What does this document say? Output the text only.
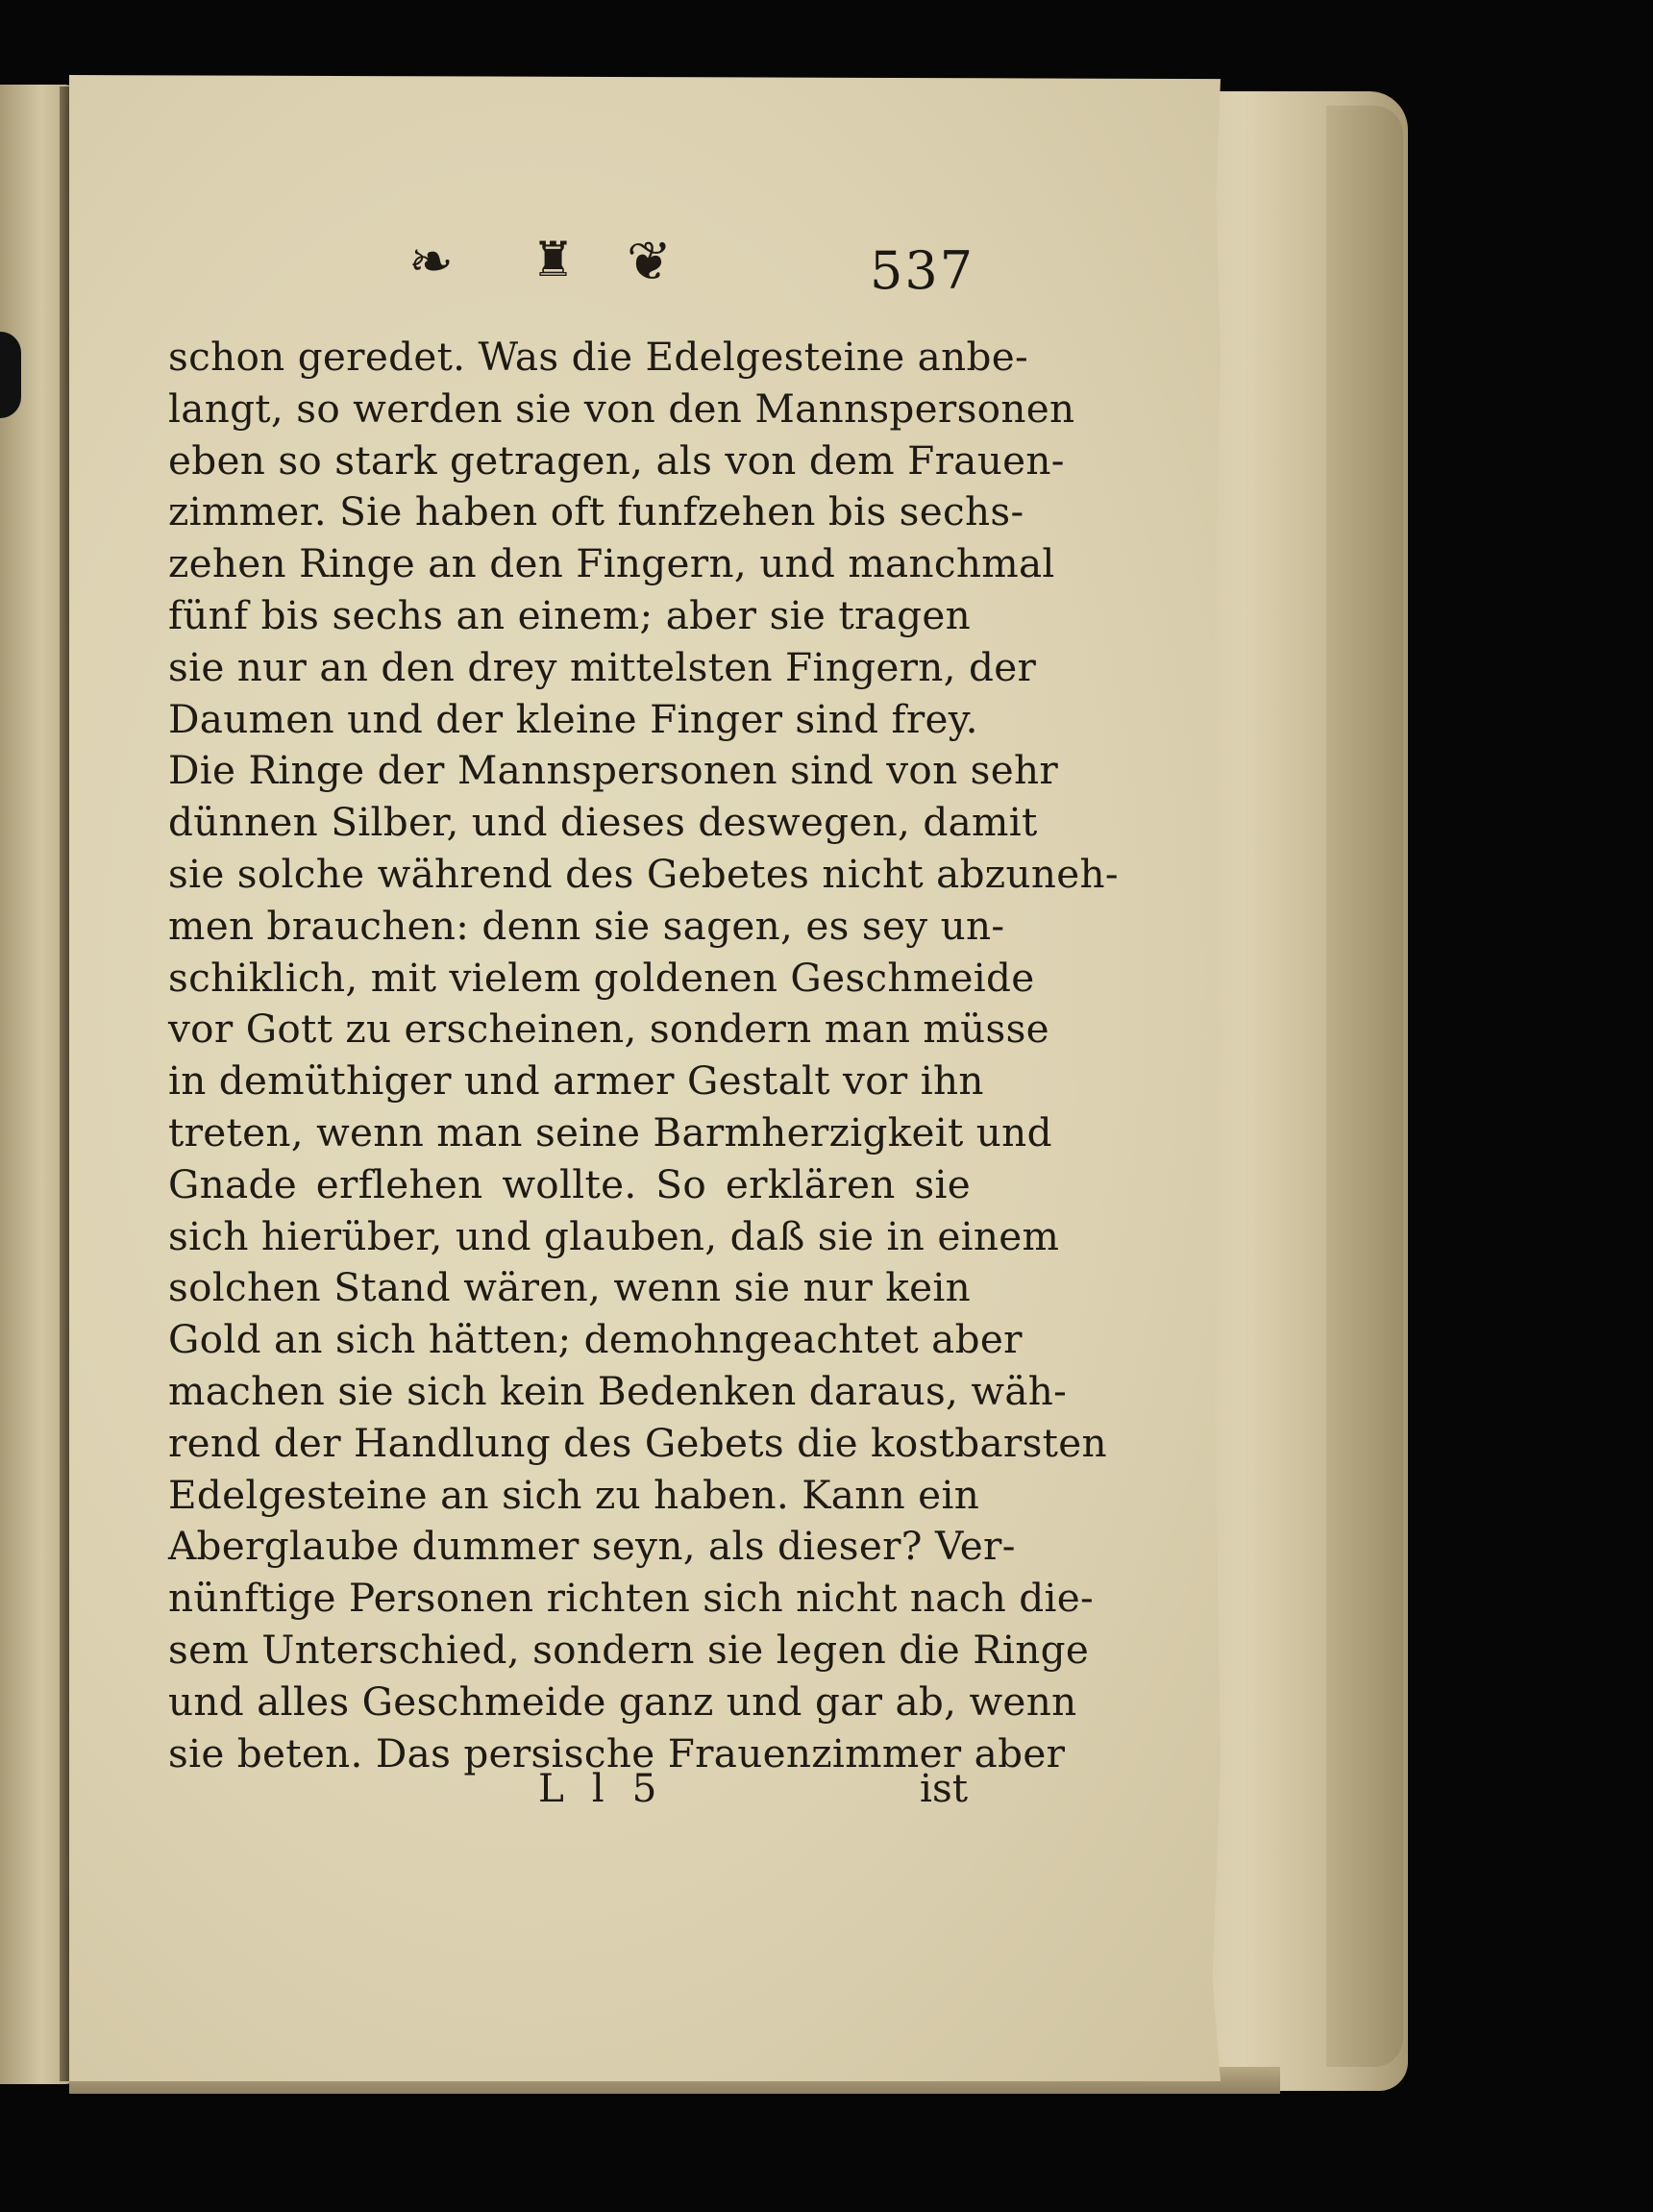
❧ ♜ ❦	537
schon geredet. Was die Edelgesteine anbe-
langt, so werden sie von den Mannspersonen
eben so stark getragen, als von dem Frauen-
zimmer. Sie haben oft funfzehen bis sechs-
zehen Ringe an den Fingern, und manchmal
fünf bis sechs an einem; aber sie tragen
sie nur an den drey mittelsten Fingern, der
Daumen und der kleine Finger sind frey.
Die Ringe der Mannspersonen sind von sehr
dünnen Silber, und dieses deswegen, damit
sie solche während des Gebetes nicht abzuneh-
men brauchen: denn sie sagen, es sey un-
schiklich, mit vielem goldenen Geschmeide
vor Gott zu erscheinen, sondern man müsse
in demüthiger und armer Gestalt vor ihn
treten, wenn man seine Barmherzigkeit und
Gnade erflehen wollte. So erklären sie
sich hierüber, und glauben, daß sie in einem
solchen Stand wären, wenn sie nur kein
Gold an sich hätten; demohngeachtet aber
machen sie sich kein Bedenken daraus, wäh-
rend der Handlung des Gebets die kostbarsten
Edelgesteine an sich zu haben. Kann ein
Aberglaube dummer seyn, als dieser? Ver-
nünftige Personen richten sich nicht nach die-
sem Unterschied, sondern sie legen die Ringe
und alles Geschmeide ganz und gar ab, wenn
sie beten. Das persische Frauenzimmer aber
L l 5	ist
